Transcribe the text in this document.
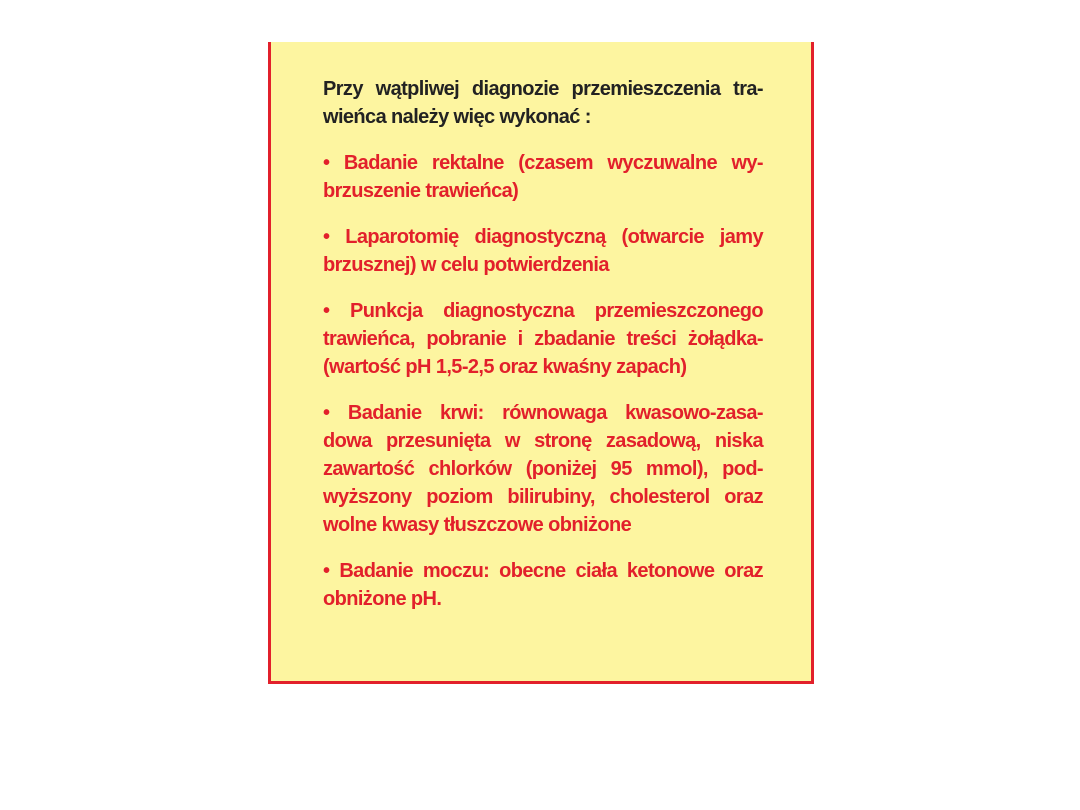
Przy wątpliwej diagnozie przemieszczenia tra-
wieńca należy więc wykonać :

• Badanie rektalne (czasem wyczuwalne wy-
brzuszenie trawieńca)

• Laparotomię diagnostyczną (otwarcie jamy
brzusznej) w celu potwierdzenia

• Punkcja diagnostyczna przemieszczonego
trawieńca, pobranie i zbadanie treści żołądka-
(wartość pH 1,5-2,5 oraz kwaśny zapach)

• Badanie krwi: równowaga kwasowo-zasa-
dowa przesunięta w stronę zasadową, niska
zawartość chlorków (poniżej 95 mmol), pod-
wyższony poziom bilirubiny, cholesterol oraz
wolne kwasy tłuszczowe obniżone

• Badanie moczu: obecne ciała ketonowe oraz
obniżone pH.
